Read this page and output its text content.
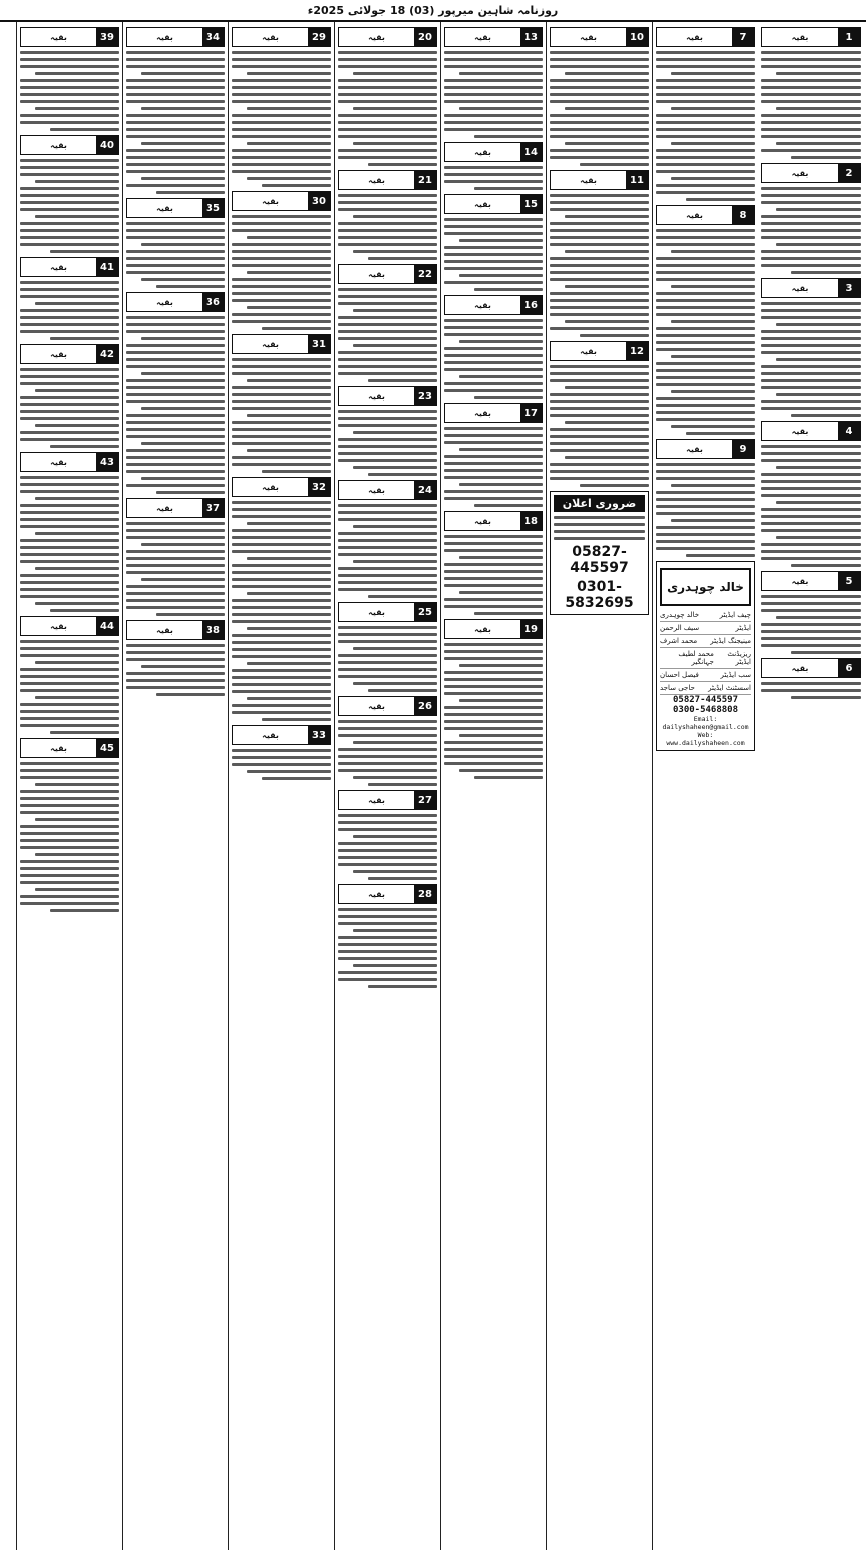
روزنامہ شاہین میرپور (03) 18 جولائی 2025ء
1
بقیہ
2
بقیہ
3
بقیہ
4
بقیہ
5
بقیہ
6
بقیہ
7
بقیہ
8
بقیہ
9
بقیہ
خالد چوہدری
چیف ایڈیٹر
خالد چوہدری
ایڈیٹر
سیف الرحمن
مینیجنگ ایڈیٹر
محمد اشرف
ریزیڈنٹ ایڈیٹر
محمد لطیف جہانگیر
سب ایڈیٹر
فیصل احسان
اسسٹنٹ ایڈیٹر
حاجی ساجد
05827-445597
0300-5468808
Email: dailyshaheen@gmail.com
Web: www.dailyshaheen.com
10
بقیہ
11
بقیہ
12
بقیہ
ضروری اعلان
05827-445597
0301-5832695
13
بقیہ
14
بقیہ
15
بقیہ
16
بقیہ
17
بقیہ
18
بقیہ
19
بقیہ
20
بقیہ
21
بقیہ
22
بقیہ
23
بقیہ
24
بقیہ
25
بقیہ
26
بقیہ
27
بقیہ
28
بقیہ
29
بقیہ
30
بقیہ
31
بقیہ
32
بقیہ
33
بقیہ
34
بقیہ
35
بقیہ
36
بقیہ
37
بقیہ
38
بقیہ
39
بقیہ
40
بقیہ
41
بقیہ
42
بقیہ
43
بقیہ
44
بقیہ
45
بقیہ
